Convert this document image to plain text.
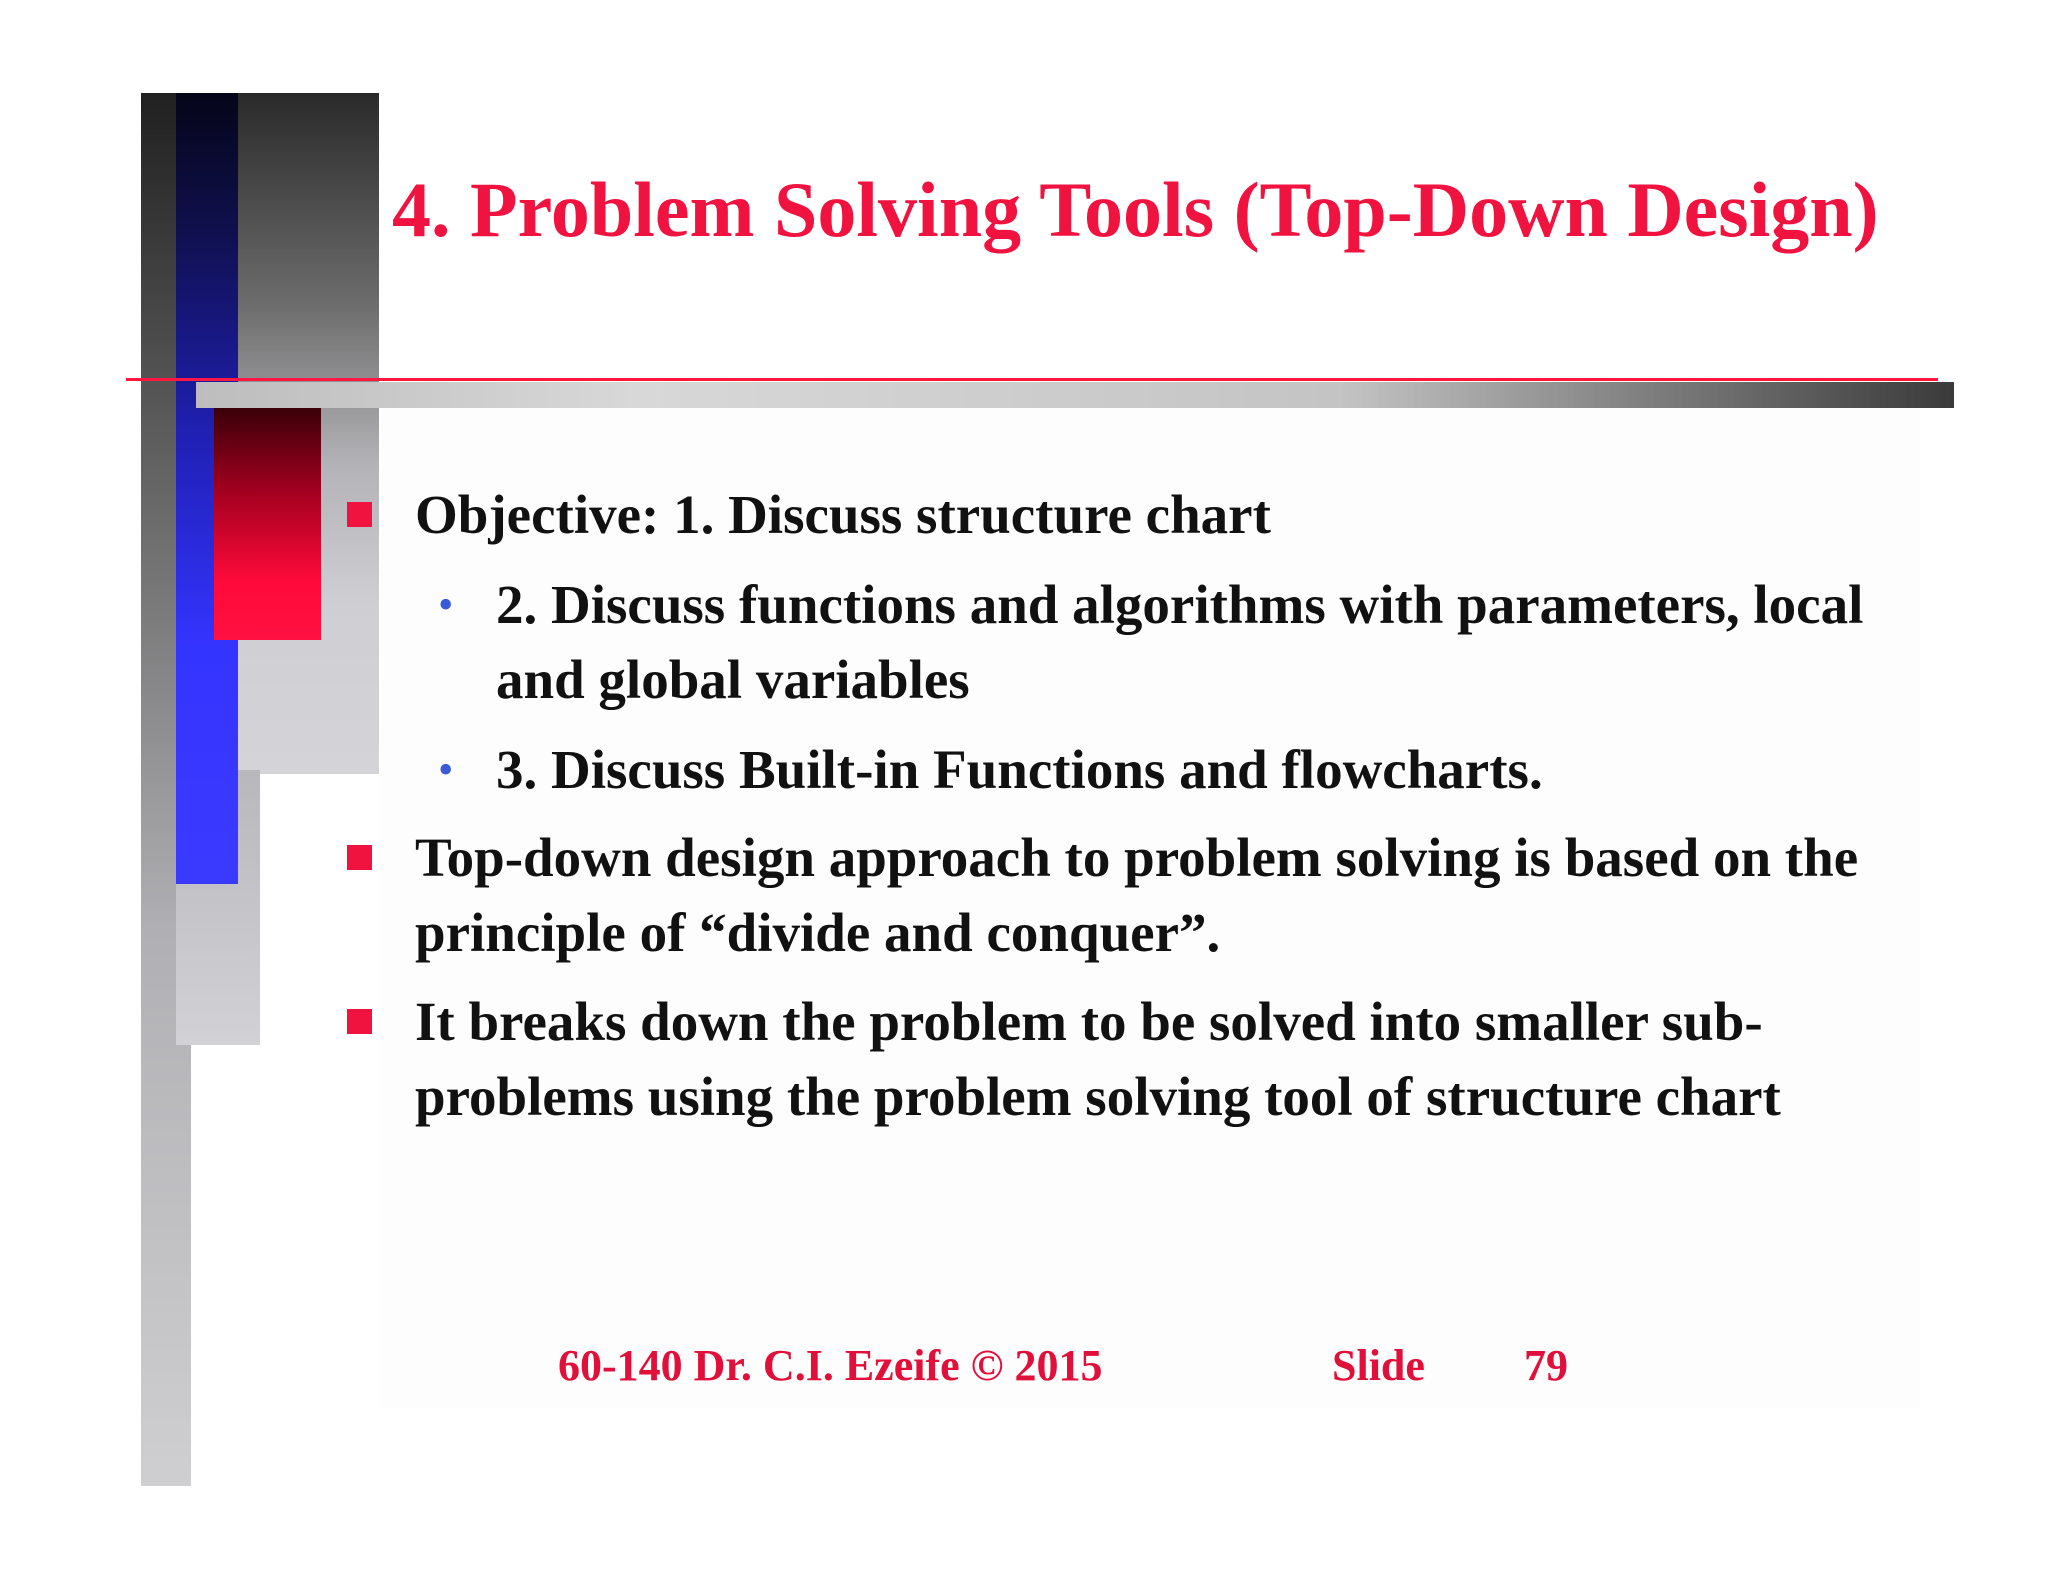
4. Problem Solving Tools (Top-Down Design)
Objective: 1. Discuss structure chart
• 2. Discuss functions and algorithms with parameters, local and global variables
• 3. Discuss Built-in Functions and flowcharts.
Top-down design approach to problem solving is based on the principle of “divide and conquer”.
It breaks down the problem to be solved into smaller sub-problems using the problem solving tool of structure chart
60-140 Dr. C.I. Ezeife © 2015	Slide 79
